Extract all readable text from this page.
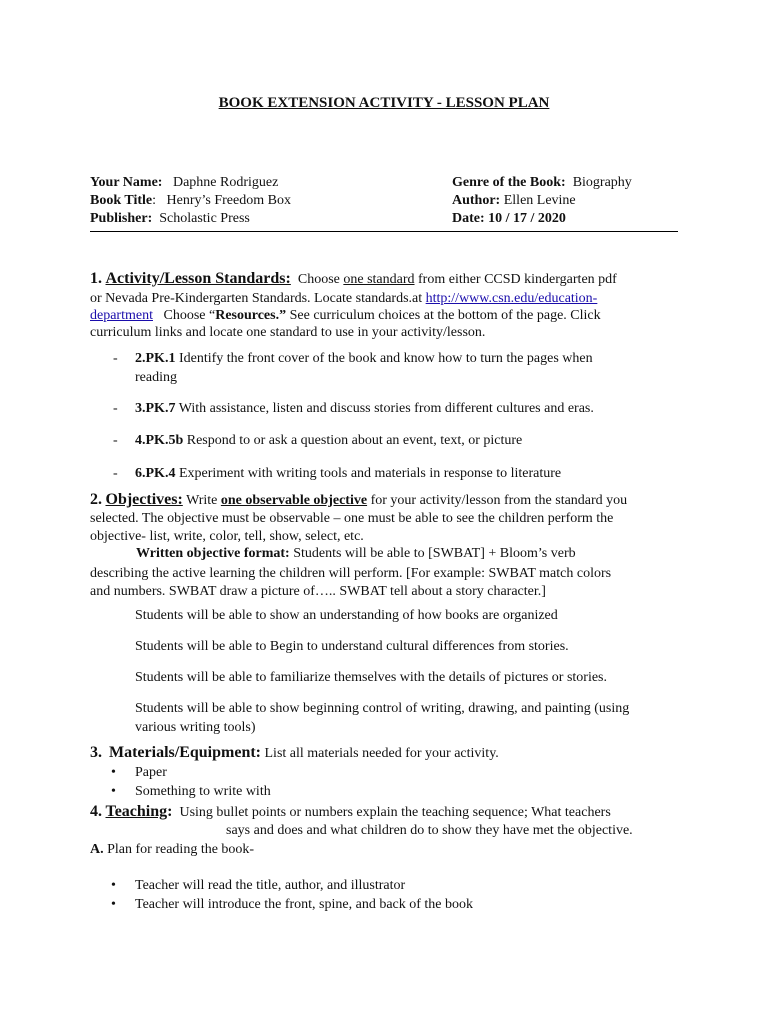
BOOK EXTENSION ACTIVITY - LESSON PLAN
Your Name: Daphne Rodriguez
Book Title: Henry’s Freedom Box
Publisher: Scholastic Press
Genre of the Book: Biography
Author: Ellen Levine
Date: 10 / 17 / 2020
1. Activity/Lesson Standards: Choose one standard from either CCSD kindergarten pdf
or Nevada Pre-Kindergarten Standards. Locate standards.at http://www.csn.edu/education-
department Choose “Resources.” See curriculum choices at the bottom of the page. Click
curriculum links and locate one standard to use in your activity/lesson.
- 2.PK.1 Identify the front cover of the book and know how to turn the pages when
reading
- 3.PK.7 With assistance, listen and discuss stories from different cultures and eras.
- 4.PK.5b Respond to or ask a question about an event, text, or picture
- 6.PK.4 Experiment with writing tools and materials in response to literature
2. Objectives: Write one observable objective for your activity/lesson from the standard you
selected. The objective must be observable – one must be able to see the children perform the
objective- list, write, color, tell, show, select, etc.
Written objective format: Students will be able to [SWBAT] + Bloom’s verb
describing the active learning the children will perform. [For example: SWBAT match colors
and numbers. SWBAT draw a picture of….. SWBAT tell about a story character.]
Students will be able to show an understanding of how books are organized
Students will be able to Begin to understand cultural differences from stories.
Students will be able to familiarize themselves with the details of pictures or stories.
Students will be able to show beginning control of writing, drawing, and painting (using
various writing tools)
3. Materials/Equipment: List all materials needed for your activity.
• Paper
• Something to write with
4. Teaching: Using bullet points or numbers explain the teaching sequence; What teachers
says and does and what children do to show they have met the objective.
A. Plan for reading the book-
• Teacher will read the title, author, and illustrator
• Teacher will introduce the front, spine, and back of the book
